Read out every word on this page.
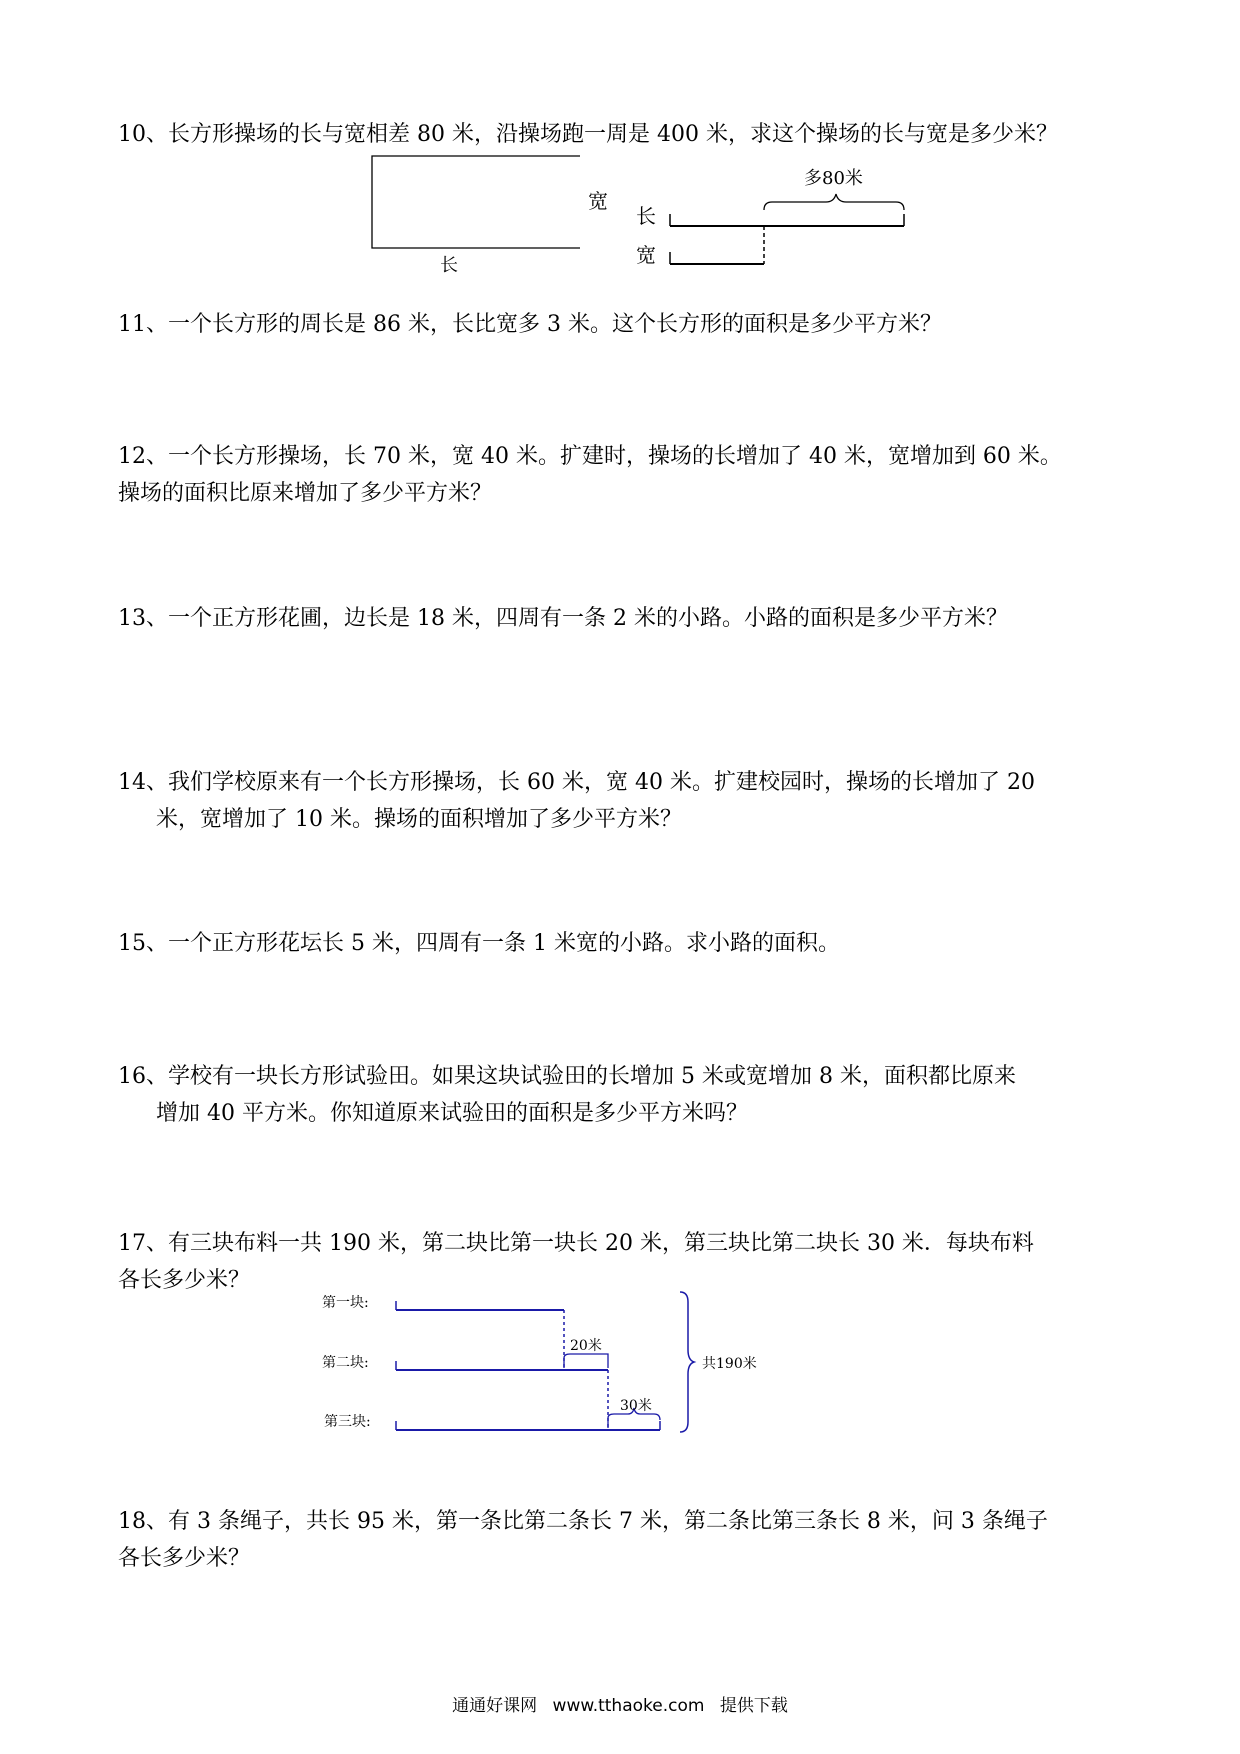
10、长方形操场的长与宽相差 80 米，沿操场跑一周是 400 米，求这个操场的长与宽是多少米？
宽
长
长
宽
多80米
11、一个长方形的周长是 86 米，长比宽多 3 米。这个长方形的面积是多少平方米？
12、一个长方形操场，长 70 米，宽 40 米。扩建时，操场的长增加了 40 米，宽增加到 60 米。
操场的面积比原来增加了多少平方米？
13、一个正方形花圃，边长是 18 米，四周有一条 2 米的小路。小路的面积是多少平方米？
14、我们学校原来有一个长方形操场，长 60 米，宽 40 米。扩建校园时，操场的长增加了 20
米，宽增加了 10 米。操场的面积增加了多少平方米？
15、一个正方形花坛长 5 米，四周有一条 1 米宽的小路。求小路的面积。
16、学校有一块长方形试验田。如果这块试验田的长增加 5 米或宽增加 8 米，面积都比原来
增加 40 平方米。你知道原来试验田的面积是多少平方米吗？
17、有三块布料一共 190 米，第二块比第一块长 20 米，第三块比第二块长 30 米．每块布料
各长多少米？
第一块:
第二块:
第三块:
20米
30米
共190米
18、有 3 条绳子，共长 95 米，第一条比第二条长 7 米，第二条比第三条长 8 米，问 3 条绳子
各长多少米？
通通好课网 www.tthaoke.com 提供下载
